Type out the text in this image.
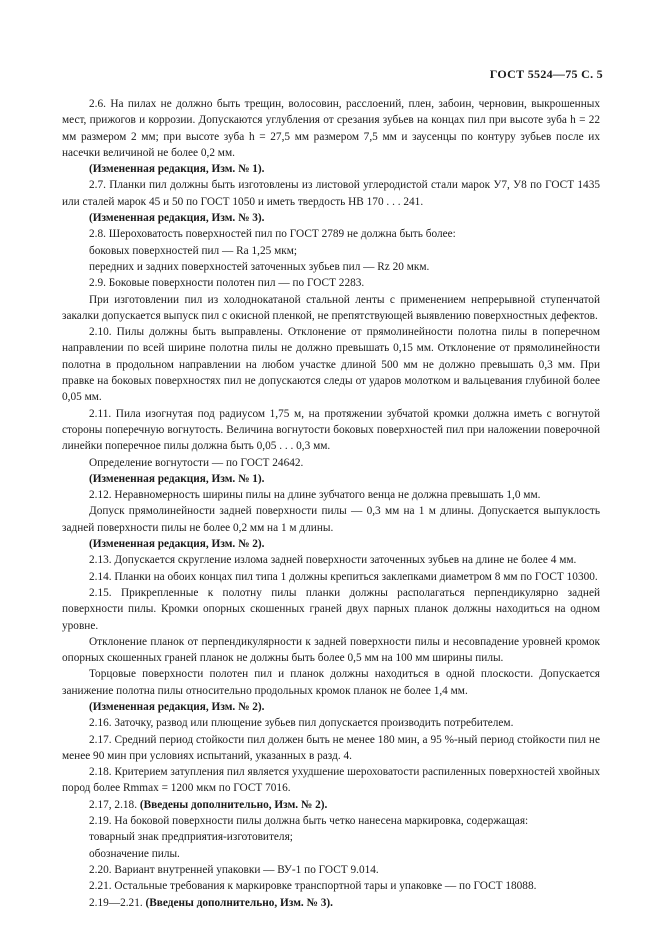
ГОСТ 5524—75 С. 5

2.6. На пилах не должно быть трещин, волосовин, расслоений, плен, забоин, черновин, выкрошенных мест, прижогов и коррозии. Допускаются углубления от срезания зубьев на концах пил при высоте зуба h = 22 мм размером 2 мм; при высоте зуба h = 27,5 мм размером 7,5 мм и заусенцы по контуру зубьев после их насечки величиной не более 0,2 мм.

(Измененная редакция, Изм. № 1).

2.7. Планки пил должны быть изготовлены из листовой углеродистой стали марок У7, У8 по ГОСТ 1435 или сталей марок 45 и 50 по ГОСТ 1050 и иметь твердость НВ 170 . . . 241.

(Измененная редакция, Изм. № 3).

2.8. Шероховатость поверхностей пил по ГОСТ 2789 не должна быть более:

боковых поверхностей пил — Ra 1,25 мкм;

передних и задних поверхностей заточенных зубьев пил — Rz 20 мкм.

2.9. Боковые поверхности полотен пил — по ГОСТ 2283.

При изготовлении пил из холоднокатаной стальной ленты с применением непрерывной ступенчатой закалки допускается выпуск пил с окисной пленкой, не препятствующей выявлению поверхностных дефектов.

2.10. Пилы должны быть выправлены. Отклонение от прямолинейности полотна пилы в поперечном направлении по всей ширине полотна пилы не должно превышать 0,15 мм. Отклонение от прямолинейности полотна в продольном направлении на любом участке длиной 500 мм не должно превышать 0,3 мм. При правке на боковых поверхностях пил не допускаются следы от ударов молотком и вальцевания глубиной более 0,05 мм.

2.11. Пила изогнутая под радиусом 1,75 м, на протяжении зубчатой кромки должна иметь с вогнутой стороны поперечную вогнутость. Величина вогнутости боковых поверхностей пил при наложении поверочной линейки поперечное пилы должна быть 0,05 . . . 0,3 мм.

Определение вогнутости — по ГОСТ 24642.

(Измененная редакция, Изм. № 1).

2.12. Неравномерность ширины пилы на длине зубчатого венца не должна превышать 1,0 мм.

Допуск прямолинейности задней поверхности пилы — 0,3 мм на 1 м длины. Допускается выпуклость задней поверхности пилы не более 0,2 мм на 1 м длины.

(Измененная редакция, Изм. № 2).

2.13. Допускается скругление излома задней поверхности заточенных зубьев на длине не более 4 мм.

2.14. Планки на обоих концах пил типа 1 должны крепиться заклепками диаметром 8 мм по ГОСТ 10300.

2.15. Прикрепленные к полотну пилы планки должны располагаться перпендикулярно задней поверхности пилы. Кромки опорных скошенных граней двух парных планок должны находиться на одном уровне.

Отклонение планок от перпендикулярности к задней поверхности пилы и несовпадение уровней кромок опорных скошенных граней планок не должны быть более 0,5 мм на 100 мм ширины пилы.

Торцовые поверхности полотен пил и планок должны находиться в одной плоскости. Допускается занижение полотна пилы относительно продольных кромок планок не более 1,4 мм.

(Измененная редакция, Изм. № 2).

2.16. Заточку, развод или плющение зубьев пил допускается производить потребителем.

2.17. Средний период стойкости пил должен быть не менее 180 мин, а 95 %-ный период стойкости пил не менее 90 мин при условиях испытаний, указанных в разд. 4.

2.18. Критерием затупления пил является ухудшение шероховатости распиленных поверхностей хвойных пород более Rmmax = 1200 мкм по ГОСТ 7016.

2.17, 2.18. (Введены дополнительно, Изм. № 2).

2.19. На боковой поверхности пилы должна быть четко нанесена маркировка, содержащая:

товарный знак предприятия-изготовителя;

обозначение пилы.

2.20. Вариант внутренней упаковки — ВУ-1 по ГОСТ 9.014.

2.21. Остальные требования к маркировке транспортной тары и упаковке — по ГОСТ 18088.

2.19—2.21. (Введены дополнительно, Изм. № 3).
